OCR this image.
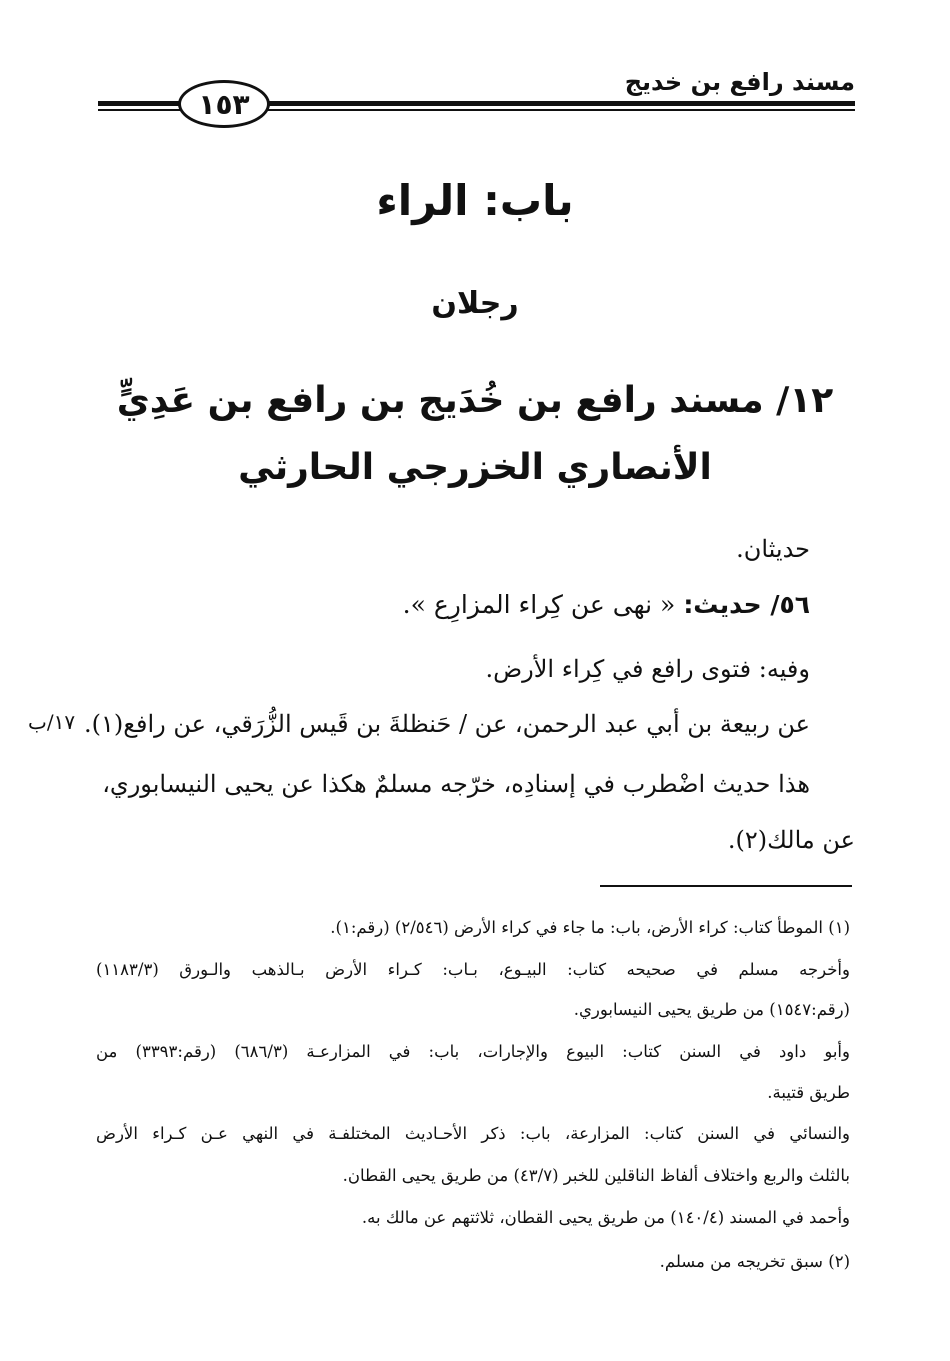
مسند رافع بن خديج
١٥٣
باب: الراء
رجلان
١٢/ مسند رافع بن خُدَيج بن رافع بن عَدِيٍّ
الأنصاري الخزرجي الحارثي
حديثان.
٥٦/ حديث: « نهى عن كِراء المزارِع ».
وفيه: فتوى رافع في كِراء الأرض.
عن ربيعة بن أبي عبد الرحمن، عن / حَنظلةَ بن قَيس الزُّرَقي، عن رافع(١).
هذا حديث اضْطرب في إسنادِه، خرّجه مسلمٌ هكذا عن يحيى النيسابوري،
عن مالك(٢).
١٧/ب
(١) الموطأ كتاب: كراء الأرض، باب: ما جاء في كراء الأرض (٢/٥٤٦) (رقم:١).
وأخرجه مسلم في صحيحه كتاب: البيـوع، بـاب: كـراء الأرض بـالذهب والـورق (١١٨٣/٣)
(رقم:١٥٤٧) من طريق يحيى النيسابوري.
وأبو داود في السنن كتاب: البيوع والإجارات، باب: في المزارعـة (٦٨٦/٣) (رقم:٣٣٩٣) من
طريق قتيبة.
والنسائي في السنن كتاب: المزارعة، باب: ذكر الأحـاديث المختلفـة في النهي عـن كـراء الأرض
بالثلث والربع واختلاف ألفاظ الناقلين للخبر (٤٣/٧) من طريق يحيى القطان.
وأحمد في المسند (١٤٠/٤) من طريق يحيى القطان، ثلاثتهم عن مالك به.
(٢) سبق تخريجه من مسلم.
